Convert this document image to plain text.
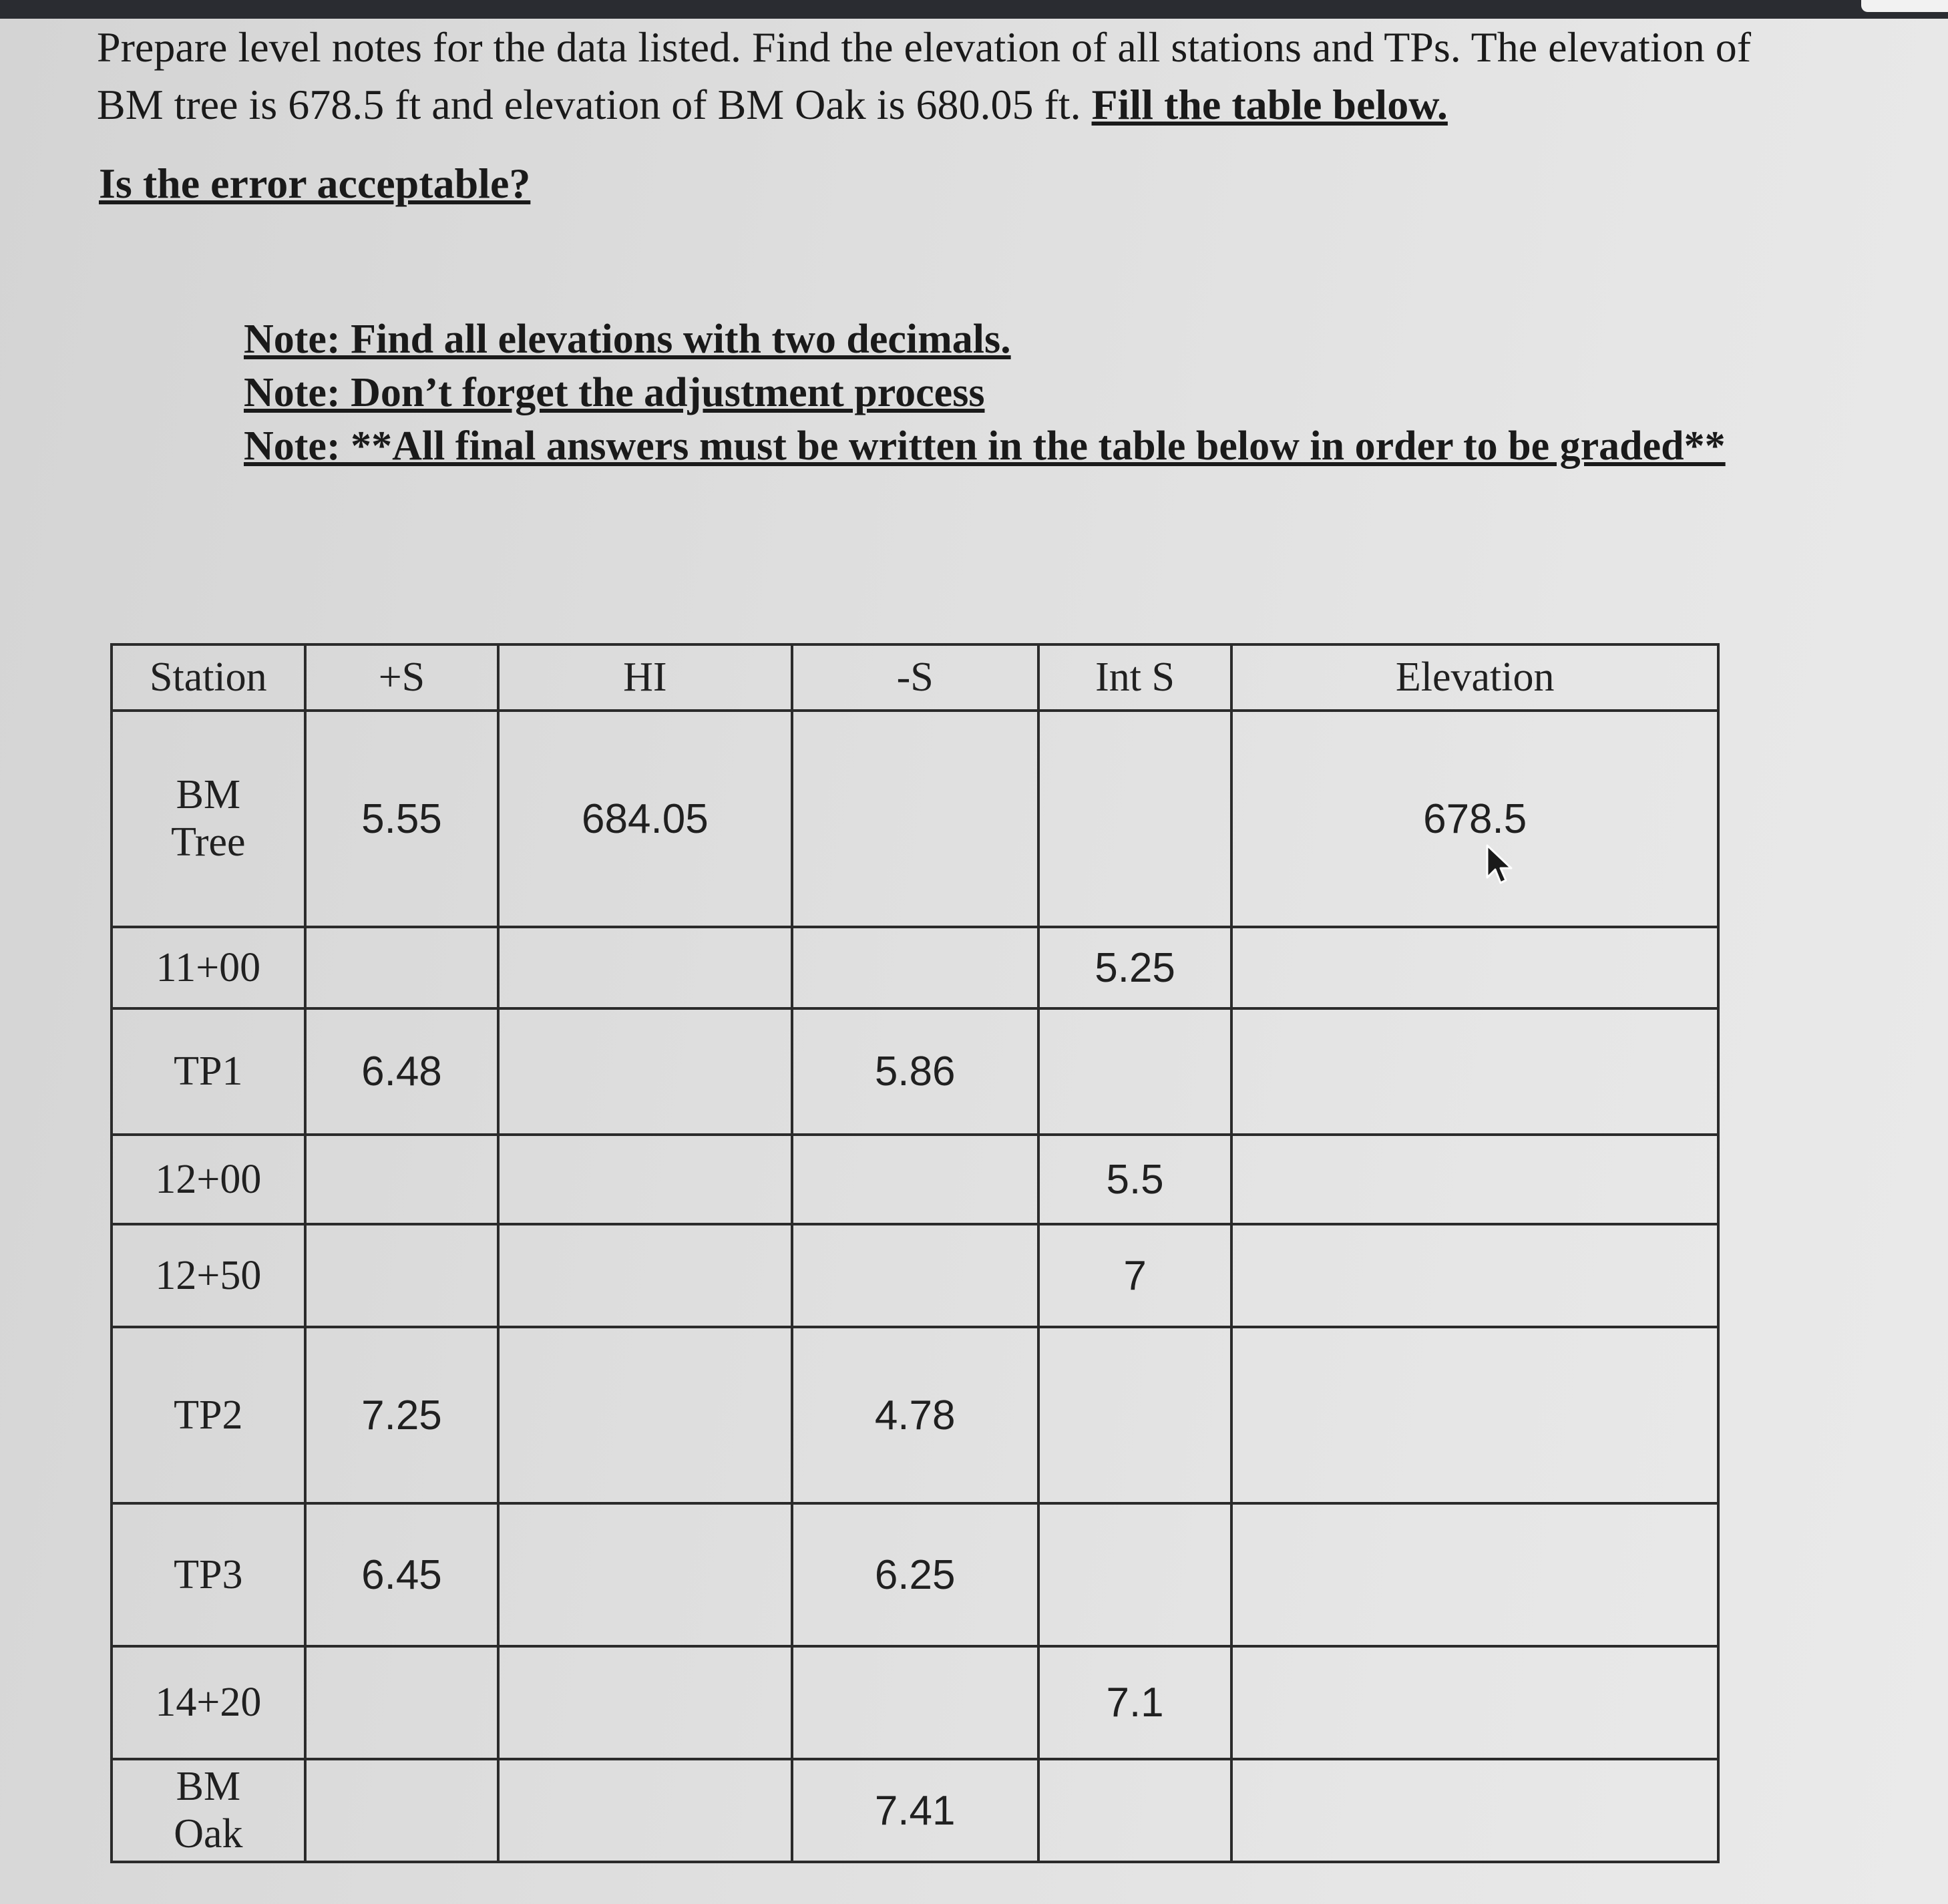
Prepare level notes for the data listed. Find the elevation of all stations and TPs. The elevation of
BM tree is 678.5 ft and elevation of BM Oak is 680.05 ft. Fill the table below.
Is the error acceptable?
Note: Find all elevations with two decimals.
Note: Don’t forget the adjustment process
Note: **All final answers must be written in the table below in order to be graded**
Station	+S	HI	-S	Int S	Elevation

BM
Tree	5.55	684.05			678.5

11+00				5.25	
TP1	6.48		5.86		
12+00				5.5	
12+50				7	
TP2	7.25		4.78		
TP3	6.45		6.25		
14+20				7.1	

BM
Oak			7.41		
